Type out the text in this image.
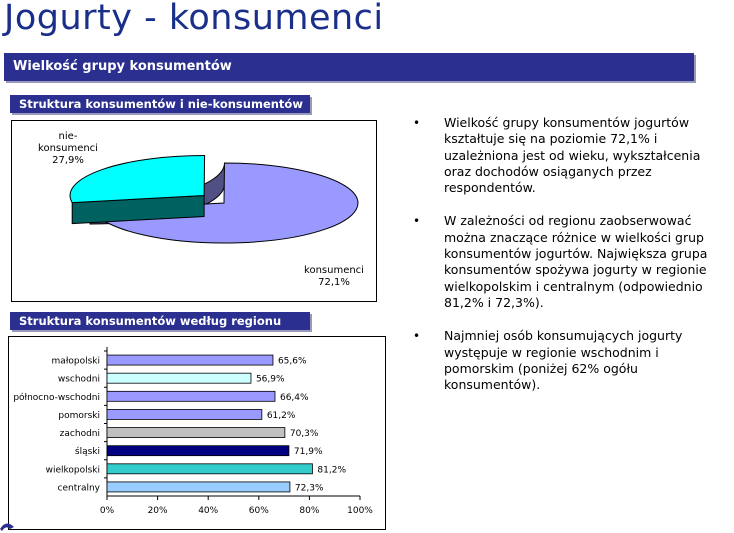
Jogurty - konsumenci
Wielkość grupy konsumentów
Struktura konsumentów i nie-konsumentów
nie-konsumenci 27,9%
konsumenci 72,1%
Struktura konsumentów według regionu
małopolski	65,6%
wschodni	56,9%
północno-wschodni	66,4%
pomorski	61,2%
zachodni	70,3%
śląski	71,9%
wielkopolski	81,2%
centralny	72,3%
0%	20%	40%	60%	80%	100%
• Wielkość grupy konsumentów jogurtów kształtuje się na poziomie 72,1% i uzależniona jest od wieku, wykształcenia oraz dochodów osiąganych przez respondentów.
• W zależności od regionu zaobserwować można znaczące różnice w wielkości grup konsumentów jogurtów. Największa grupa konsumentów spożywa jogurty w regionie wielkopolskim i centralnym (odpowiednio 81,2% i 72,3%).
• Najmniej osób konsumujących jogurty występuje w regionie wschodnim i pomorskim (poniżej 62% ogółu konsumentów).
